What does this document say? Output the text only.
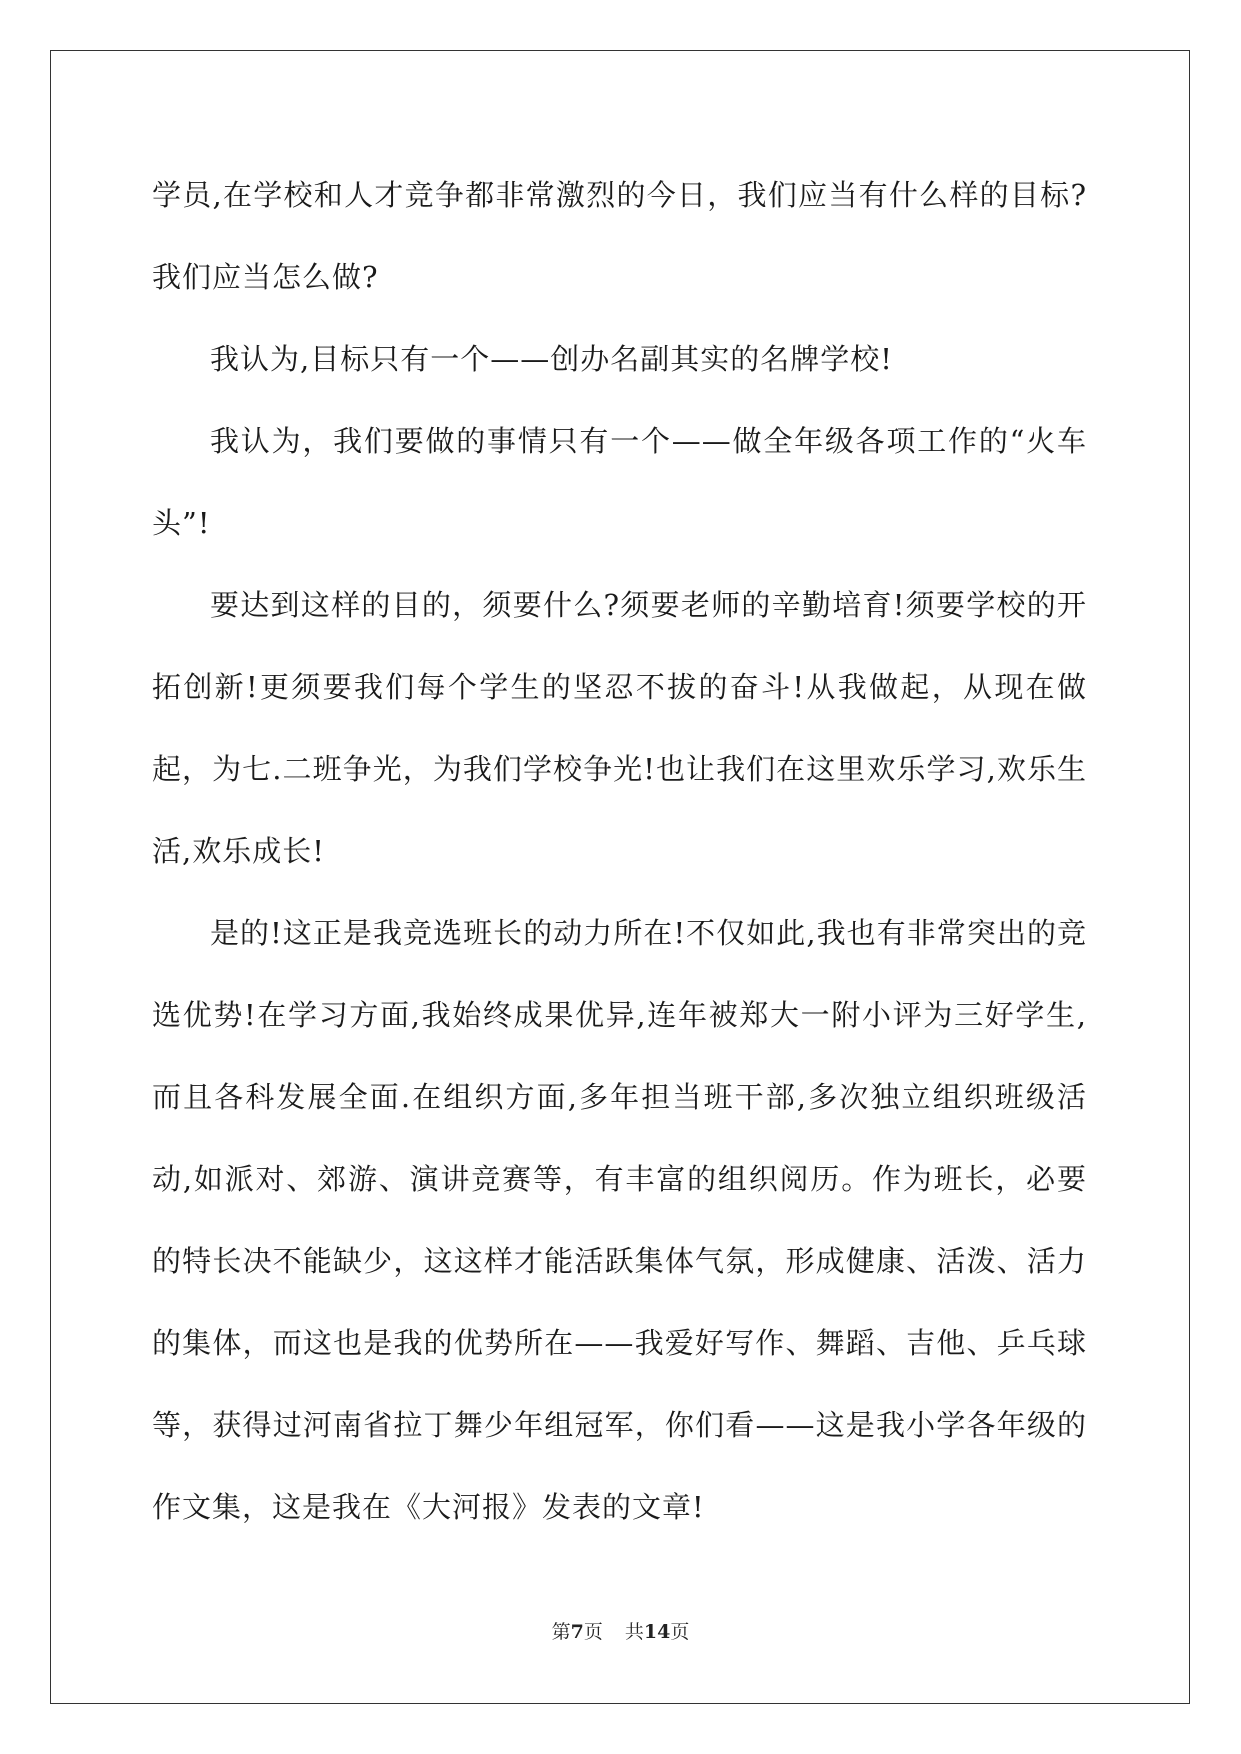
学员,在学校和人才竞争都非常激烈的今日，我们应当有什么样的目标?我们应当怎么做?

我认为,目标只有一个——创办名副其实的名牌学校!

我认为，我们要做的事情只有一个——做全年级各项工作的“火车头”!

要达到这样的目的，须要什么?须要老师的辛勤培育!须要学校的开拓创新!更须要我们每个学生的坚忍不拔的奋斗!从我做起，从现在做起，为七.二班争光，为我们学校争光!也让我们在这里欢乐学习,欢乐生活,欢乐成长!

是的!这正是我竞选班长的动力所在!不仅如此,我也有非常突出的竞选优势!在学习方面,我始终成果优异,连年被郑大一附小评为三好学生,而且各科发展全面.在组织方面,多年担当班干部,多次独立组织班级活动,如派对、郊游、演讲竞赛等，有丰富的组织阅历。作为班长，必要的特长决不能缺少，这这样才能活跃集体气氛，形成健康、活泼、活力的集体，而这也是我的优势所在——我爱好写作、舞蹈、吉他、乒乓球等，获得过河南省拉丁舞少年组冠军，你们看——这是我小学各年级的作文集，这是我在《大河报》发表的文章!

第7页 共14页
